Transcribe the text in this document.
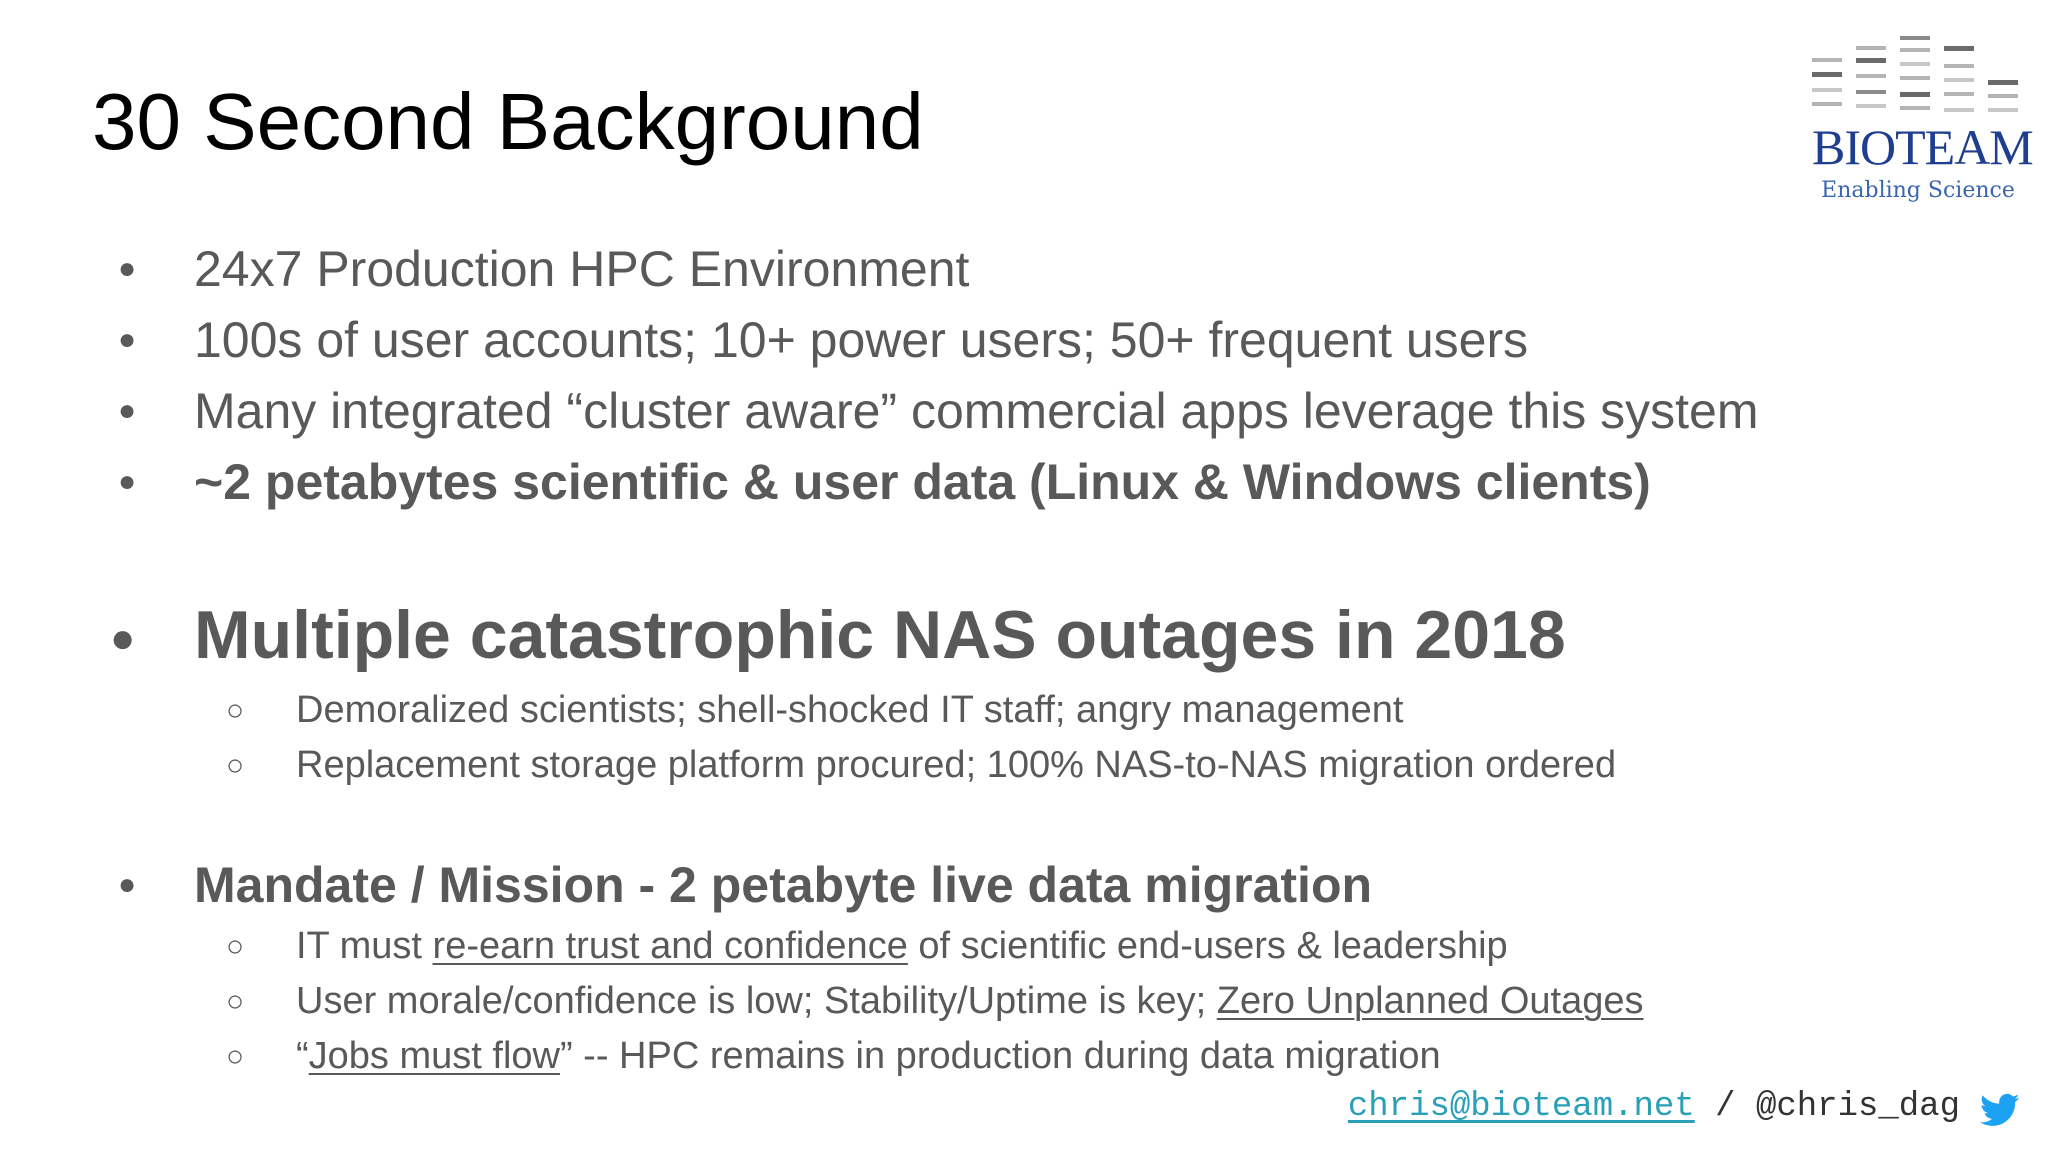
30 Second Background	BIOTEAM
Enabling Science
● 24x7 Production HPC Environment
● 100s of user accounts; 10+ power users; 50+ frequent users
● Many integrated “cluster aware” commercial apps leverage this system
● ~2 petabytes scientific & user data (Linux & Windows clients)
● Multiple catastrophic NAS outages in 2018
○ Demoralized scientists; shell-shocked IT staff; angry management
○ Replacement storage platform procured; 100% NAS-to-NAS migration ordered
● Mandate / Mission - 2 petabyte live data migration
○ IT must re-earn trust and confidence of scientific end-users & leadership
○ User morale/confidence is low; Stability/Uptime is key; Zero Unplanned Outages
○ “Jobs must flow” -- HPC remains in production during data migration
chris@bioteam.net / @chris_dag
